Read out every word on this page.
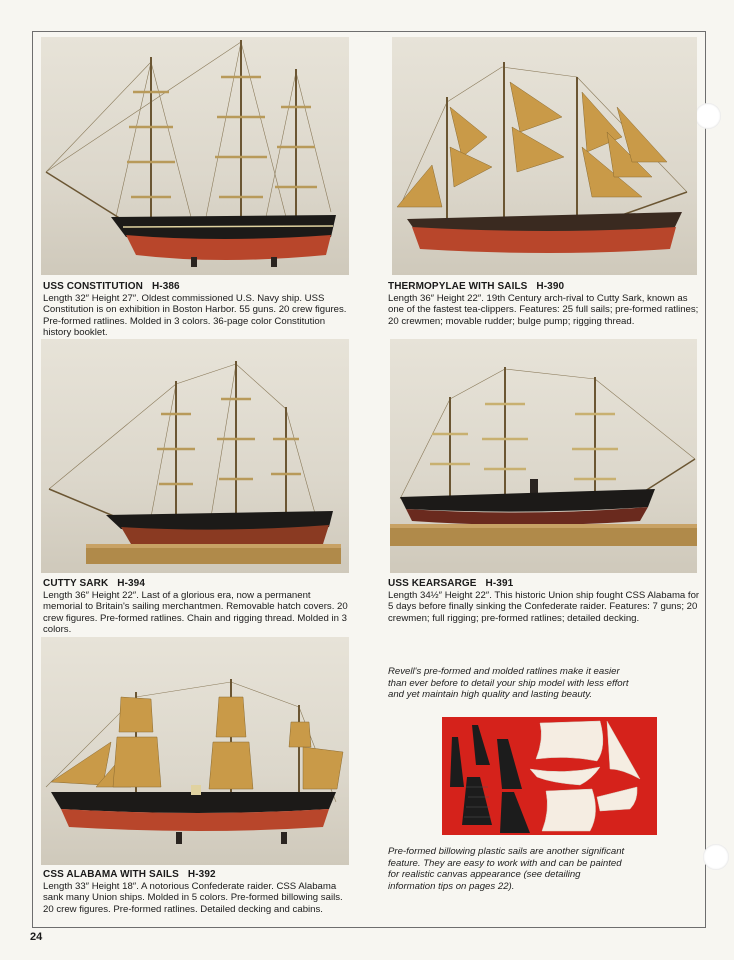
USS CONSTITUTION H-386
Length 32″ Height 27″. Oldest commissioned U.S. Navy ship. USS Constitution is on exhibition in Boston Harbor. 55 guns. 20 crew figures. Pre-formed ratlines. Molded in 3 colors. 36-page color Constitution history booklet.
THERMOPYLAE WITH SAILS H-390
Length 36″ Height 22″. 19th Century arch-rival to Cutty Sark, known as one of the fastest tea-clippers. Features: 25 full sails; pre-formed ratlines; 20 crewmen; movable rudder; bulge pump; rigging thread.
CUTTY SARK H-394
Length 36″ Height 22″. Last of a glorious era, now a permanent memorial to Britain's sailing merchantmen. Removable hatch covers. 20 crew figures. Pre-formed ratlines. Chain and rigging thread. Molded in 3 colors.
USS KEARSARGE H-391
Length 34½″ Height 22″. This historic Union ship fought CSS Alabama for 5 days before finally sinking the Confederate raider. Features: 7 guns; 20 crewmen; full rigging; pre-formed ratlines; detailed decking.
CSS ALABAMA WITH SAILS H-392
Length 33″ Height 18″. A notorious Confederate raider. CSS Alabama sank many Union ships. Molded in 5 colors. Pre-formed billowing sails. 20 crew figures. Pre-formed ratlines. Detailed decking and cabins.
Revell's pre-formed and molded ratlines make it easier than ever before to detail your ship model with less effort and yet maintain high quality and lasting beauty.
Pre-formed billowing plastic sails are another significant feature. They are easy to work with and can be painted for realistic canvas appearance (see detailing information tips on pages 22).
24
